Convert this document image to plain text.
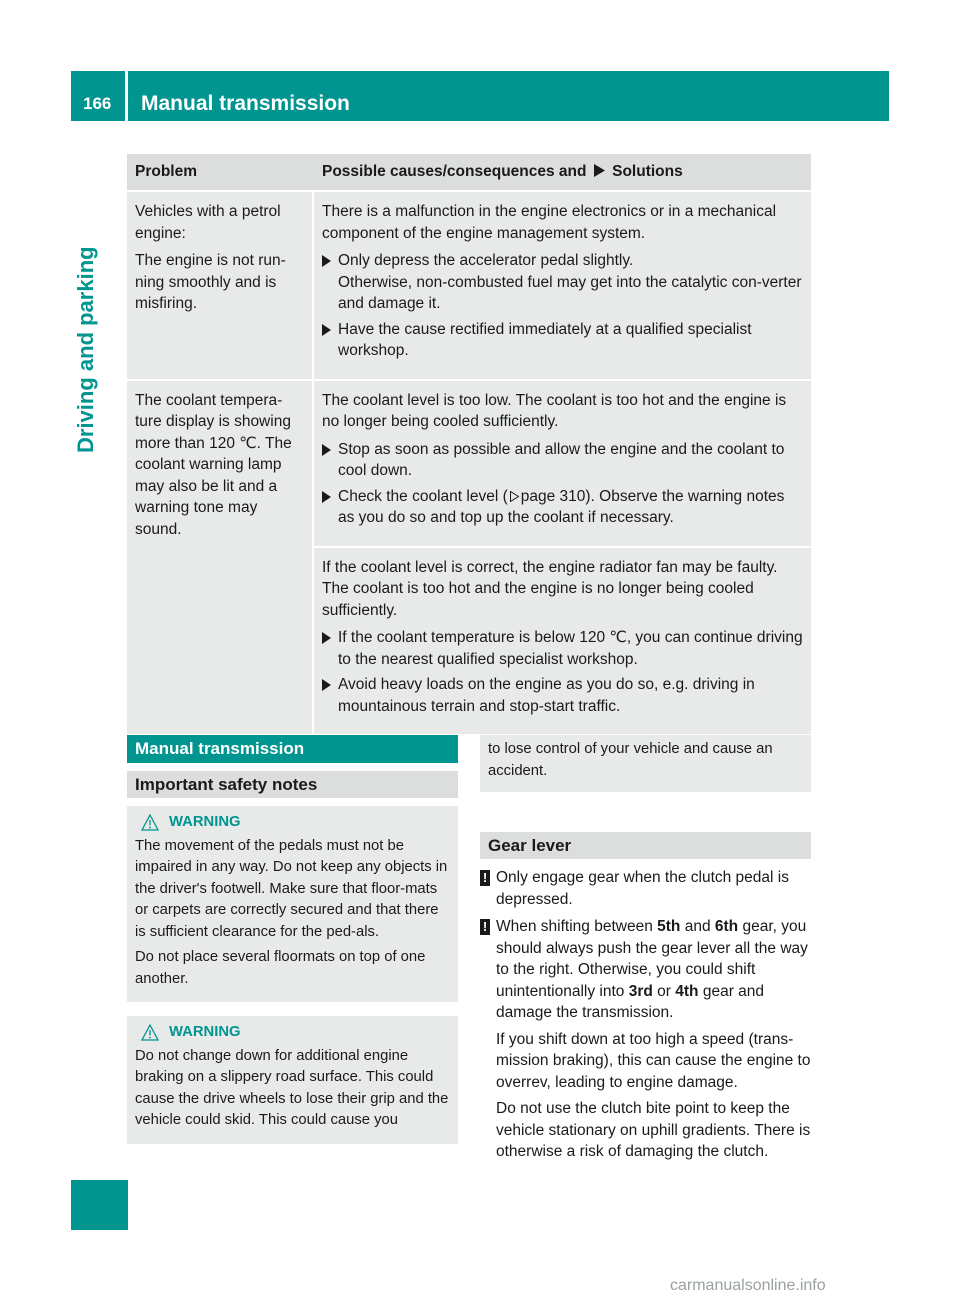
166 Manual transmission
Driving and parking
Problem	Possible causes/consequences and Solutions

Vehicles with a petrol engine:

The engine is not run-ning smoothly and is misfiring.

There is a malfunction in the engine electronics or in a mechanical component of the engine management system.

Only depress the accelerator pedal slightly.

Otherwise, non-combusted fuel may get into the catalytic con-verter and damage it.

Have the cause rectified immediately at a qualified specialist workshop.

The coolant tempera-ture display is showing more than 120 ℃. The coolant warning lamp may also be lit and a warning tone may sound.

The coolant level is too low. The coolant is too hot and the engine is no longer being cooled sufficiently.

Stop as soon as possible and allow the engine and the coolant to cool down.

Check the coolant level ( page 310). Observe the warning notes as you do so and top up the coolant if necessary.

If the coolant level is correct, the engine radiator fan may be faulty. The coolant is too hot and the engine is no longer being cooled sufficiently.

If the coolant temperature is below 120 ℃, you can continue driving to the nearest qualified specialist workshop.

Avoid heavy loads on the engine as you do so, e.g. driving in mountainous terrain and stop-start traffic.

Manual transmission
Important safety notes
WARNING

The movement of the pedals must not be impaired in any way. Do not keep any objects in the driver's footwell. Make sure that floor-mats or carpets are correctly secured and that there is sufficient clearance for the ped-als.

Do not place several floormats on top of one another.

WARNING

Do not change down for additional engine braking on a slippery road surface. This could cause the drive wheels to lose their grip and the vehicle could skid. This could cause you

to lose control of your vehicle and cause an accident.

Gear lever
! Only engage gear when the clutch pedal is depressed.

! When shifting between 5th and 6th gear, you should always push the gear lever all the way to the right. Otherwise, you could shift unintentionally into 3rd or 4th gear and damage the transmission.

If you shift down at too high a speed (trans-mission braking), this can cause the engine to overrev, leading to engine damage.

Do not use the clutch bite point to keep the vehicle stationary on uphill gradients. There is otherwise a risk of damaging the clutch.

carmanualsonline.info
